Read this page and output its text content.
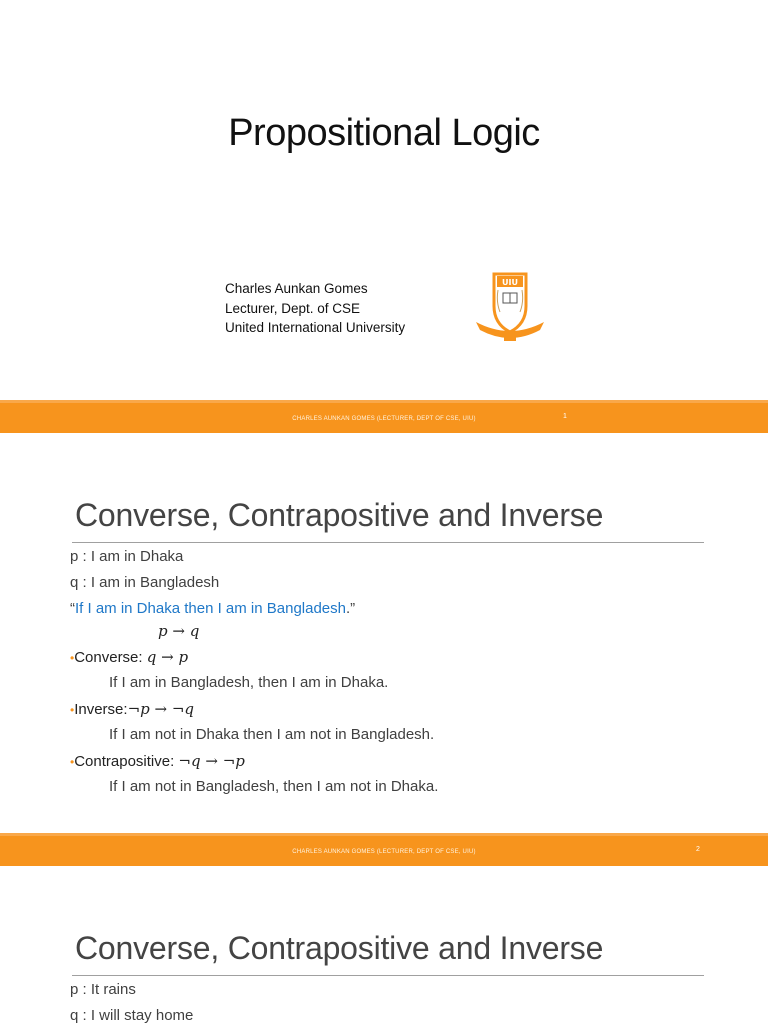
Propositional Logic
Charles Aunkan Gomes
Lecturer, Dept. of CSE
United International University
UIU
CHARLES AUNKAN GOMES (LECTURER, DEPT OF CSE, UIU)	1
Converse, Contrapositive and Inverse
p : I am in Dhaka
q : I am in Bangladesh
“If I am in Dhaka then I am in Bangladesh.”
p → q
•Converse: q → p
If I am in Bangladesh, then I am in Dhaka.
•Inverse:¬p → ¬q
If I am not in Dhaka then I am not in Bangladesh.
•Contrapositive: ¬q → ¬p
If I am not in Bangladesh, then I am not in Dhaka.
CHARLES AUNKAN GOMES (LECTURER, DEPT OF CSE, UIU)	2
Converse, Contrapositive and Inverse
p : It rains
q : I will stay home
